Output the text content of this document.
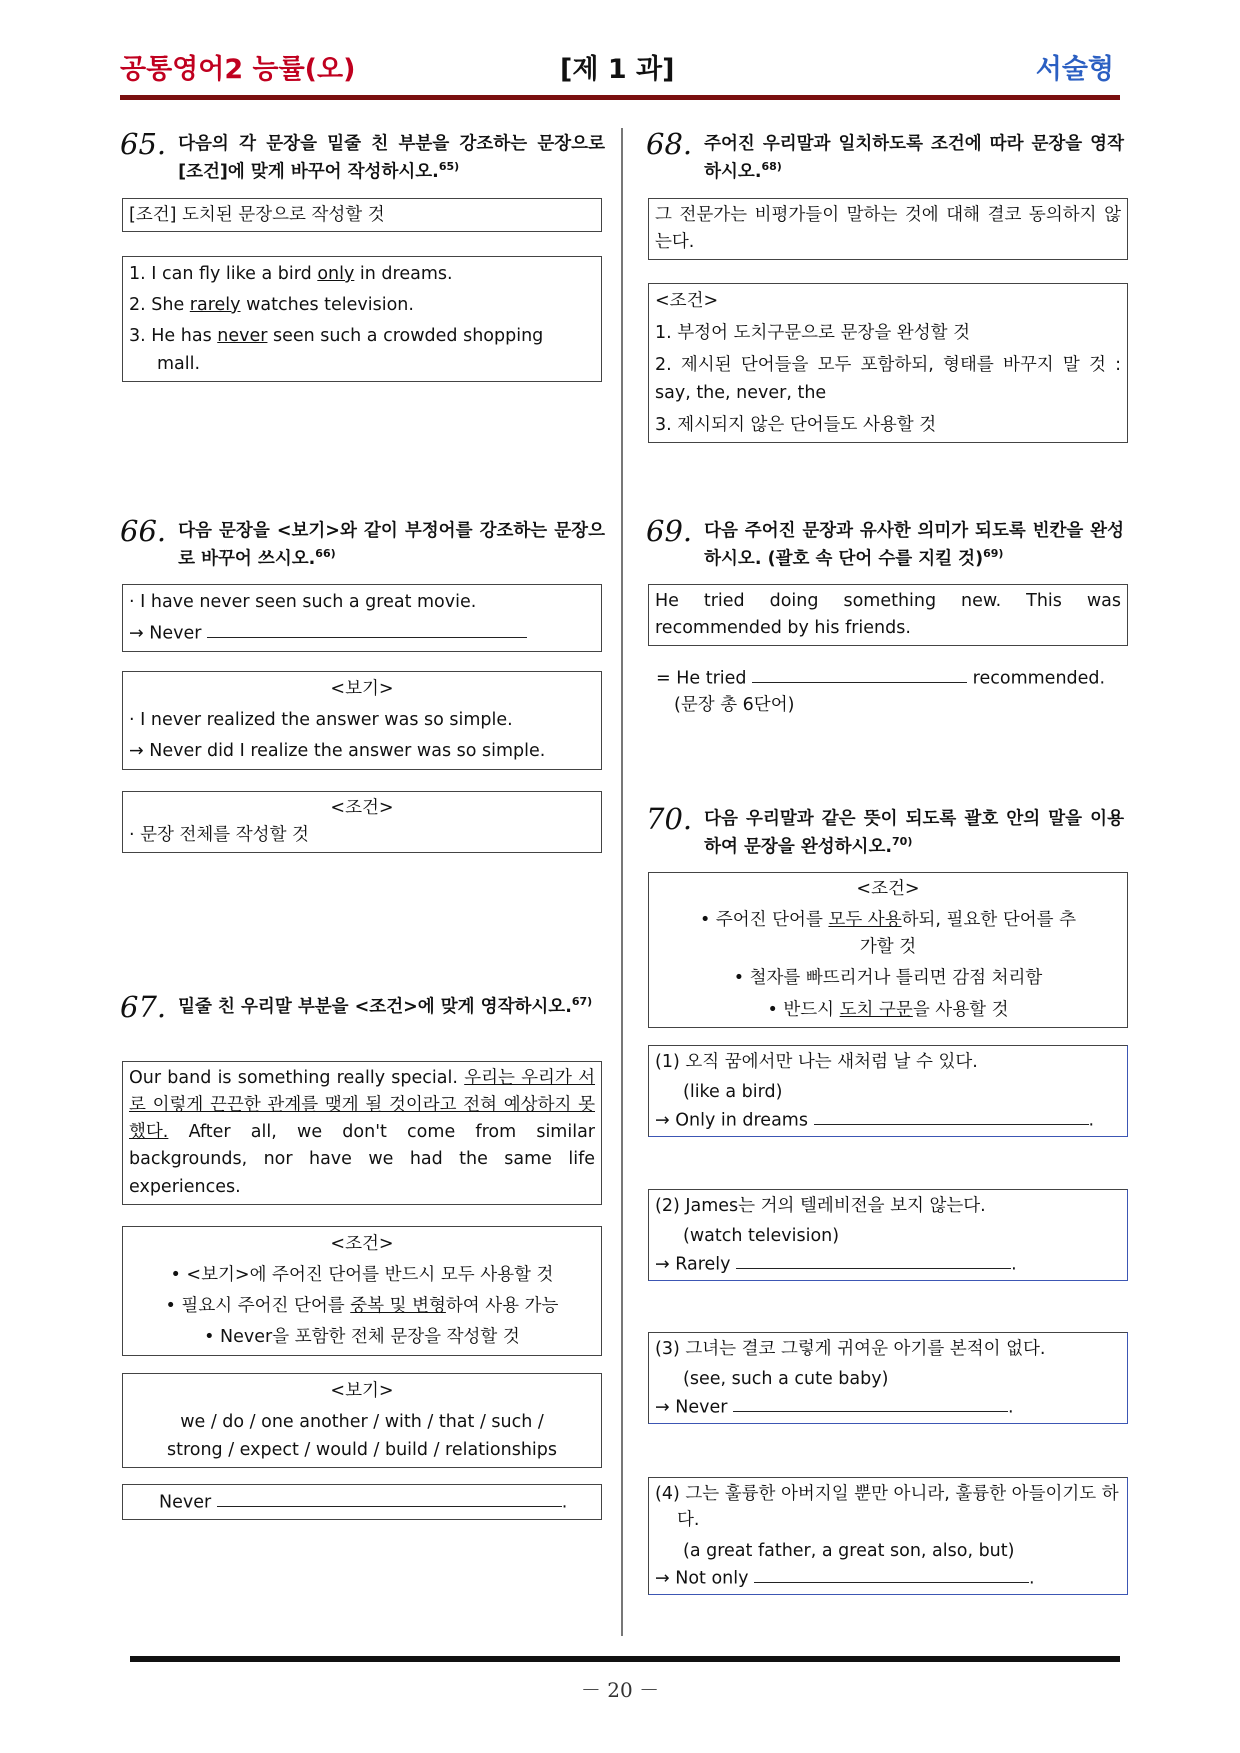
공통영어2 능률(오)	[제 1 과]	서술형
65. 다음의 각 문장을 밑줄 친 부분을 강조하는 문장으로 [조건]에 맞게 바꾸어 작성하시오.$^{65)}$
[조건] 도치된 문장으로 작성할 것
1. I can fly like a bird only in dreams.
2. She rarely watches television.
3. He has never seen such a crowded shopping
mall.
66. 다음 문장을 <보기>와 같이 부정어를 강조하는 문장으로 바꾸어 쓰시오.$^{66)}$
· I have never seen such a great movie.
→ Never
<보기>
· I never realized the answer was so simple.
→ Never did I realize the answer was so simple.
<조건>
· 문장 전체를 작성할 것
67. 밑줄 친 우리말 부분을 <조건>에 맞게 영작하시오.$^{67)}$
Our band is something really special. 우리는 우리가 서로 이렇게 끈끈한 관계를 맺게 될 것이라고 전혀 예상하지 못했다. After all, we don't come from similar backgrounds, nor have we had the same life experiences.
<조건>
• <보기>에 주어진 단어를 반드시 모두 사용할 것
• 필요시 주어진 단어를 중복 및 변형하여 사용 가능
• Never을 포함한 전체 문장을 작성할 것
<보기>
we / do / one another / with / that / such /
strong / expect / would / build / relationships
Never	.
68. 주어진 우리말과 일치하도록 조건에 따라 문장을 영작하시오.$^{68)}$
그 전문가는 비평가들이 말하는 것에 대해 결코 동의하지 않는다.
<조건>
1. 부정어 도치구문으로 문장을 완성할 것
2. 제시된 단어들을 모두 포함하되, 형태를 바꾸지 말 것 : say, the, never, the
3. 제시되지 않은 단어들도 사용할 것
69. 다음 주어진 문장과 유사한 의미가 되도록 빈칸을 완성하시오. (괄호 속 단어 수를 지킬 것)$^{69)}$
He tried doing something new. This was recommended by his friends.
= He tried	recommended.
(문장 총 6단어)
70. 다음 우리말과 같은 뜻이 되도록 괄호 안의 말을 이용하여 문장을 완성하시오.$^{70)}$
<조건>
• 주어진 단어를 모두 사용하되, 필요한 단어를 추가할 것
• 철자를 빠뜨리거나 틀리면 감점 처리함
• 반드시 도치 구문을 사용할 것
(1) 오직 꿈에서만 나는 새처럼 날 수 있다.
(like a bird)
→ Only in dreams	.
(2) James는 거의 텔레비전을 보지 않는다.
(watch television)
→ Rarely	.
(3) 그녀는 결코 그렇게 귀여운 아기를 본적이 없다.
(see, such a cute baby)
→ Never	.
(4) 그는 훌륭한 아버지일 뿐만 아니라, 훌륭한 아들이기도 하다.
(a great father, a great son, also, but)
→ Not only	.
－ 20 －
